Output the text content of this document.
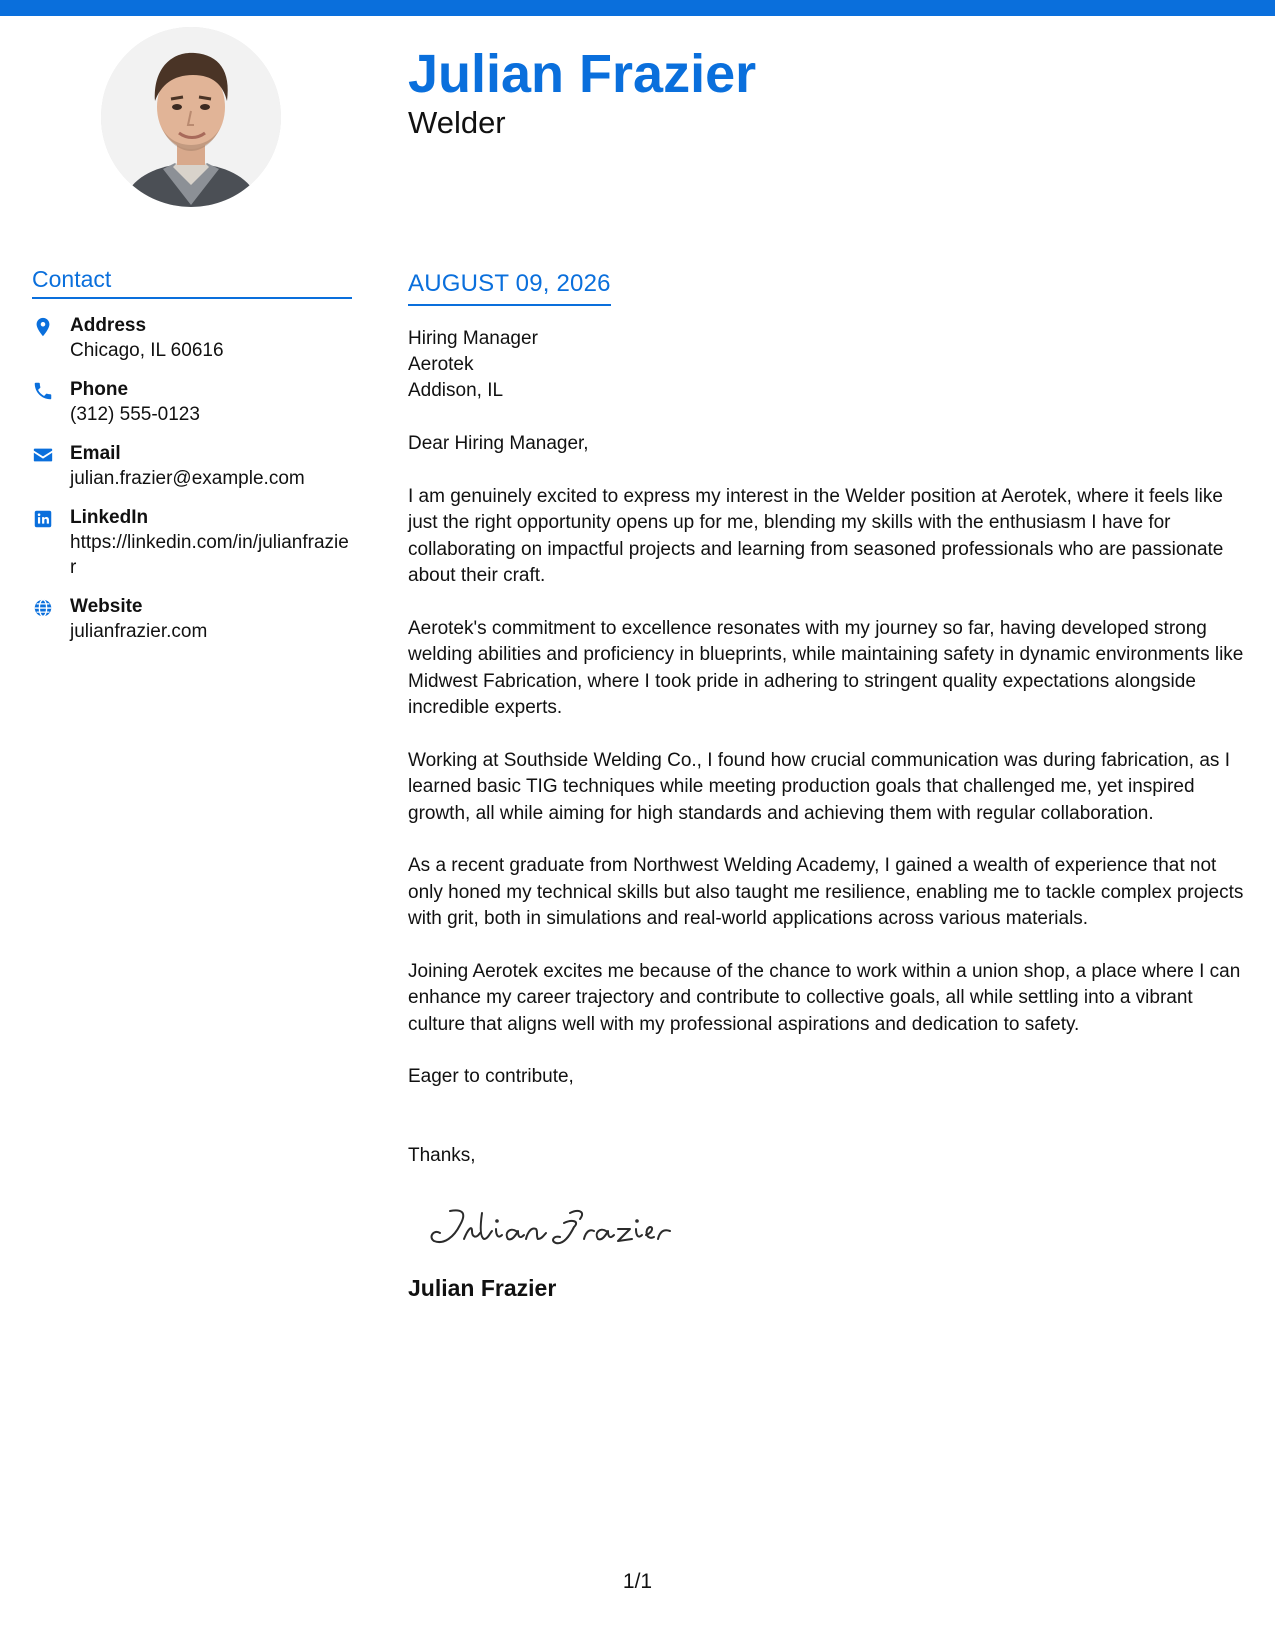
Julian Frazier
Welder
Contact
Address
Chicago, IL 60616
Phone
(312) 555-0123
Email
julian.frazier@example.com
LinkedIn
https://linkedin.com/in/julianfrazier
Website
julianfrazier.com
AUGUST 09, 2026
Hiring Manager
Aerotek
Addison, IL

Dear Hiring Manager,

I am genuinely excited to express my interest in the Welder position at Aerotek, where it feels like just the right opportunity opens up for me, blending my skills with the enthusiasm I have for collaborating on impactful projects and learning from seasoned professionals who are passionate about their craft.

Aerotek's commitment to excellence resonates with my journey so far, having developed strong welding abilities and proficiency in blueprints, while maintaining safety in dynamic environments like Midwest Fabrication, where I took pride in adhering to stringent quality expectations alongside incredible experts.

Working at Southside Welding Co., I found how crucial communication was during fabrication, as I learned basic TIG techniques while meeting production goals that challenged me, yet inspired growth, all while aiming for high standards and achieving them with regular collaboration.

As a recent graduate from Northwest Welding Academy, I gained a wealth of experience that not only honed my technical skills but also taught me resilience, enabling me to tackle complex projects with grit, both in simulations and real-world applications across various materials.

Joining Aerotek excites me because of the chance to work within a union shop, a place where I can enhance my career trajectory and contribute to collective goals, all while settling into a vibrant culture that aligns well with my professional aspirations and dedication to safety.

Eager to contribute,

Thanks,

Julian Frazier
1/1
